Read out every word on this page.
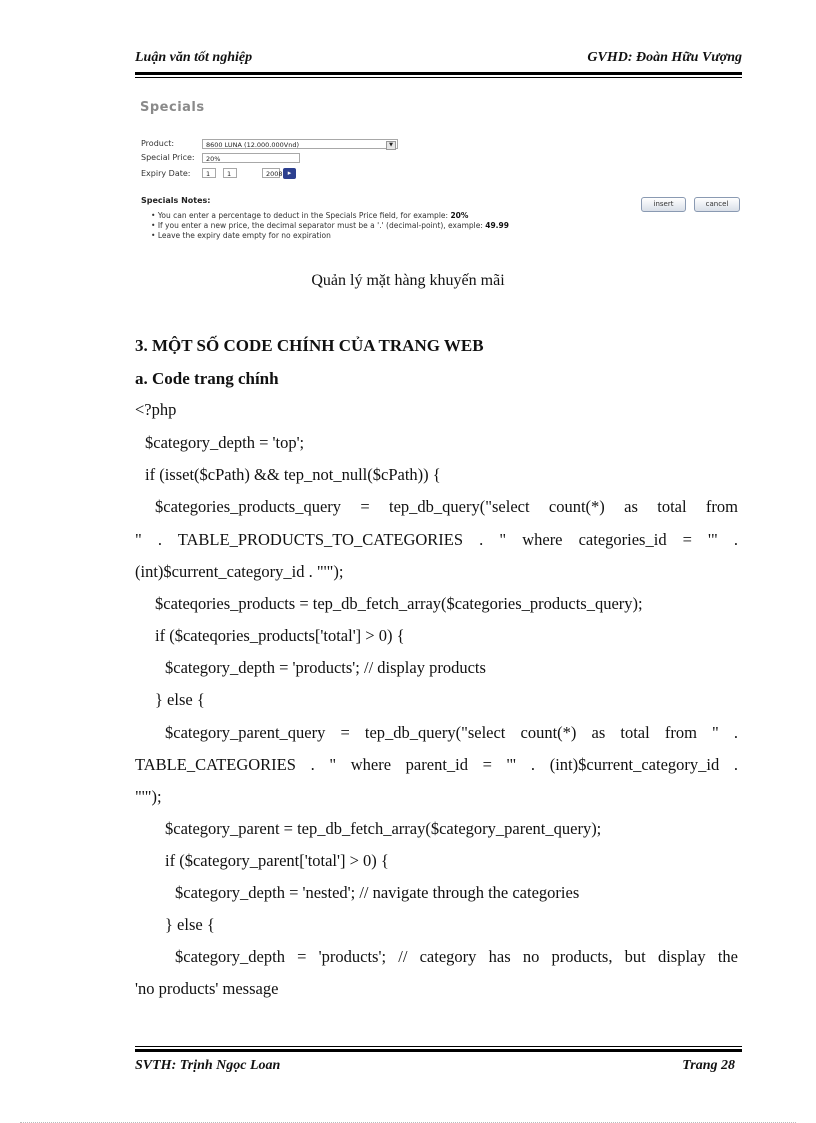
Luận văn tốt nghiệp	GVHD: Đoàn Hữu Vượng
Specials
Product:	8600 LUNA (12.000.000Vnd)	▼
Special Price:	20%
Expiry Date:	1	1	2008 ▸
Specials Notes:
• You can enter a percentage to deduct in the Specials Price field, for example: 20%
• If you enter a new price, the decimal separator must be a '.' (decimal-point), example: 49.99
• Leave the expiry date empty for no expiration
insert	cancel
Quản lý mặt hàng khuyến mãi
3. MỘT SỐ CODE CHÍNH CỦA TRANG WEB
a. Code trang chính
<?php
$category_depth = 'top';
if (isset($cPath) && tep_not_null($cPath)) {
$categories_products_query = tep_db_query("select count(*) as total from
" . TABLE_PRODUCTS_TO_CATEGORIES . " where categories_id = '" .
(int)$current_category_id . "'");
$cateqories_products = tep_db_fetch_array($categories_products_query);
if ($cateqories_products['total'] > 0) {
$category_depth = 'products'; // display products
} else {
$category_parent_query = tep_db_query("select count(*) as total from " .
TABLE_CATEGORIES . " where parent_id = '" . (int)$current_category_id .
"'");
$category_parent = tep_db_fetch_array($category_parent_query);
if ($category_parent['total'] > 0) {
$category_depth = 'nested'; // navigate through the categories
} else {
$category_depth = 'products'; // category has no products, but display the
'no products' message
SVTH: Trịnh Ngọc Loan	Trang 28
